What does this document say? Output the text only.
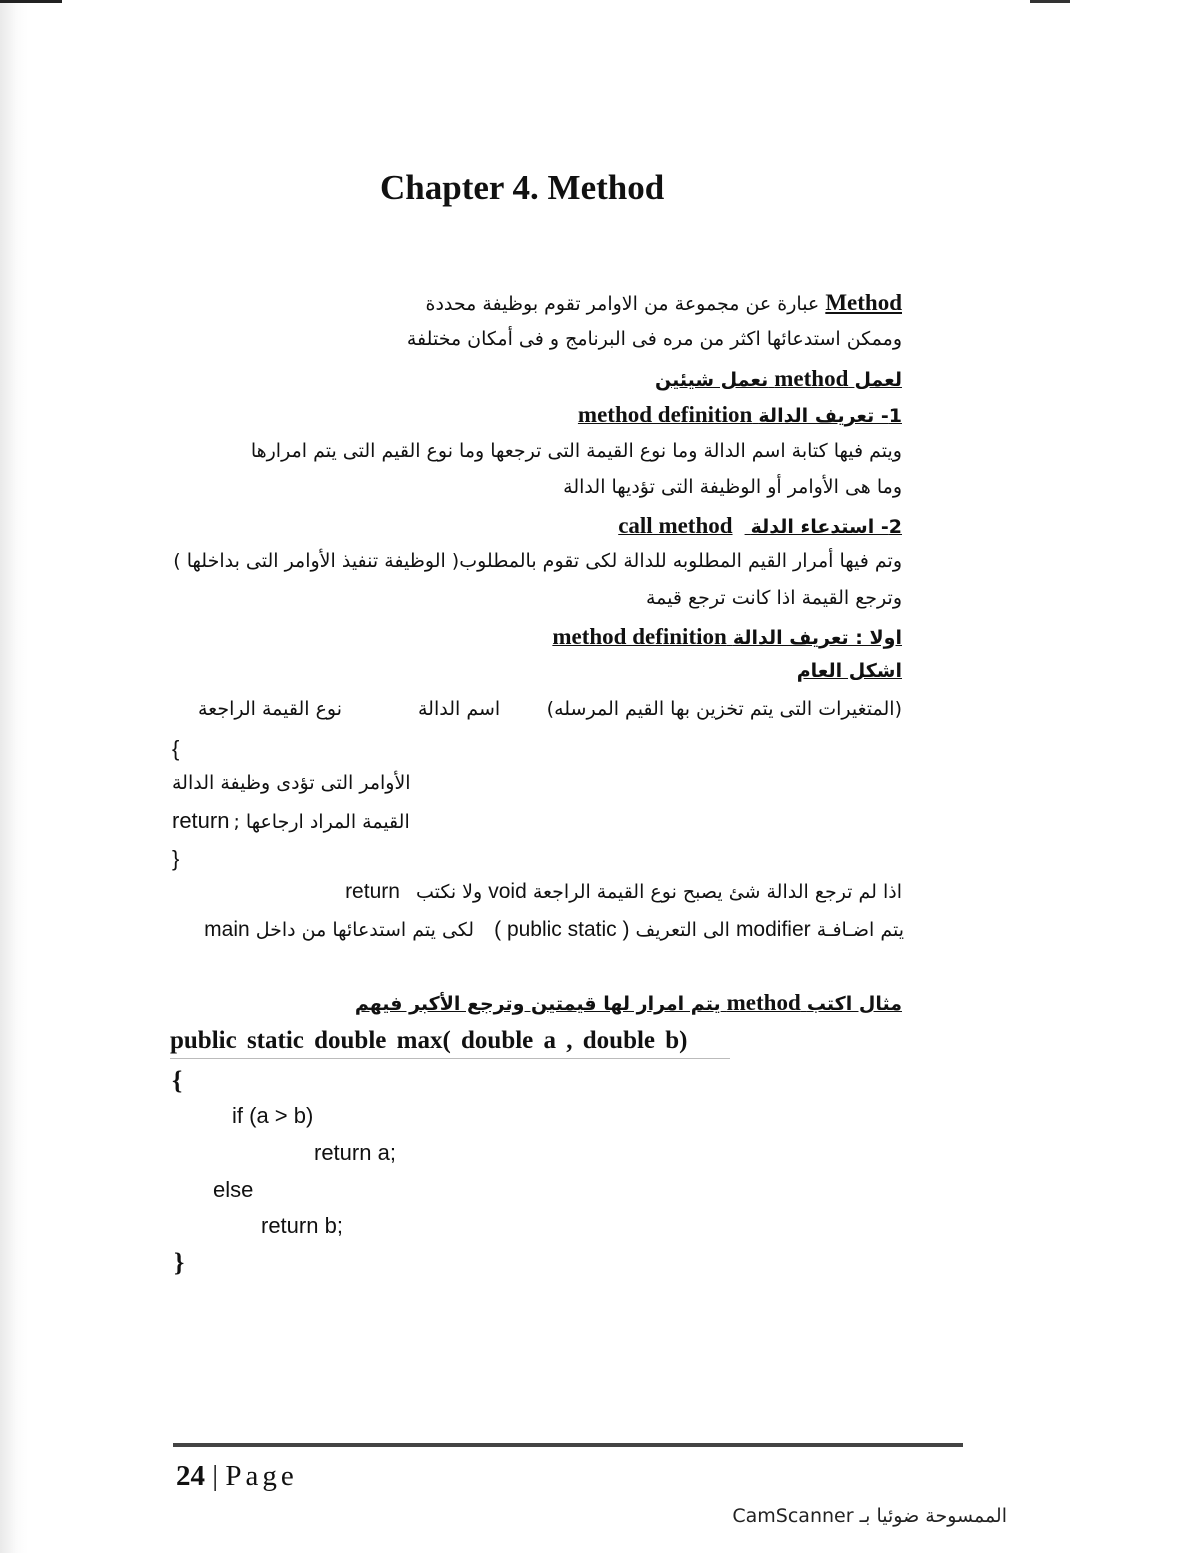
Chapter 4. Method
Method عبارة عن مجموعة من الاوامر تقوم بوظيفة محددة
وممكن استدعائها اكثر من مره فى البرنامج و فى أمكان مختلفة
لعمل method نعمل شيئين
1- تعريف الدالة method definition
ويتم فيها كتابة اسم الدالة وما نوع القيمة التى ترجعها وما نوع القيم التى يتم امرارها
وما هى الأوامر أو الوظيفة التى تؤديها الدالة
2- استدعاء الدلة call method
وتم فيها أمرار القيم المطلوبه للدالة لكى تقوم بالمطلوب( الوظيفة تنفيذ الأوامر التى بداخلها )
وترجع القيمة اذا كانت ترجع قيمة
اولا : تعريف الدالة method definition
اشكل العام
(المتغيرات التى يتم تخزين بها القيم المرسله)
اسم الدالة
نوع القيمة الراجعة
{
الأوامر التى تؤدى وظيفة الدالة
return القيمة المراد ارجاعها ;
}
اذا لم ترجع الدالة شئ يصبح نوع القيمة الراجعة void ولا نكتب return
يتم اضـافـة modifier الى التعريف ( public static ) لكى يتم استدعائها من داخل main
مثال اكتب method يتم امرار لها قيمتين وترجع الأكبر فيهم
public static double max( double a , double b)
{
if (a > b)
return a;
else
return b;
}
24 | Page
الممسوحة ضوئيا بـ CamScanner
